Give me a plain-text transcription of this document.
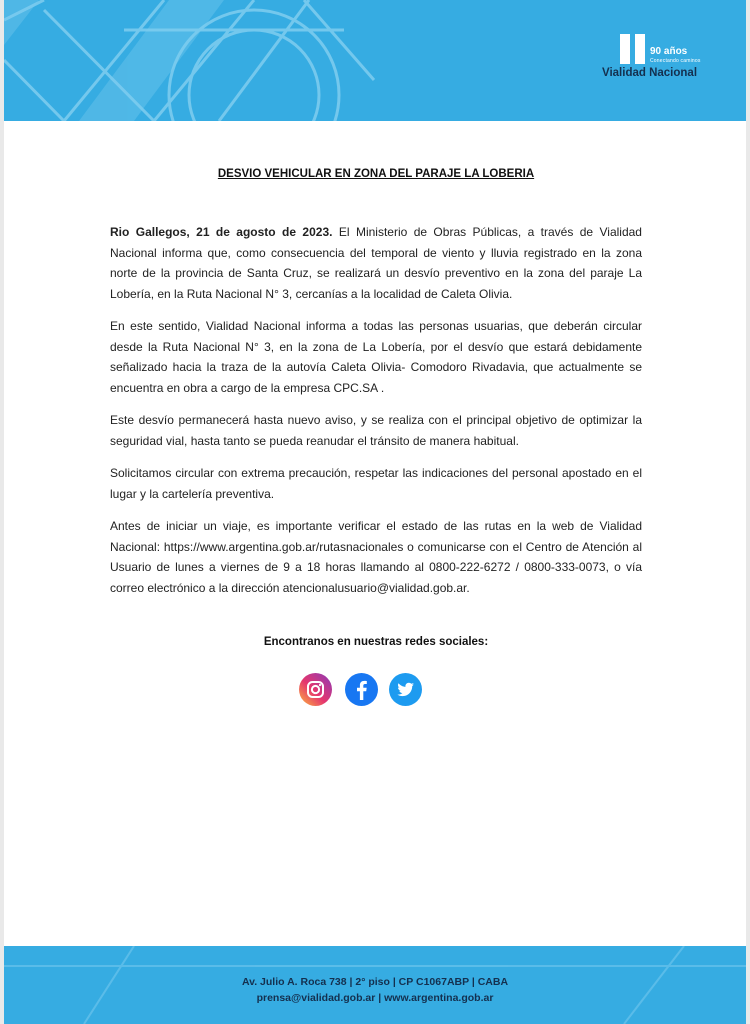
90 años
Conectando caminos
Vialidad Nacional
DESVIO VEHICULAR EN ZONA DEL PARAJE LA LOBERIA

Rio Gallegos, 21 de agosto de 2023. El Ministerio de Obras Públicas, a través de Vialidad Nacional informa que, como consecuencia del temporal de viento y lluvia registrado en la zona norte de la provincia de Santa Cruz, se realizará un desvío preventivo en la zona del paraje La Lobería, en la Ruta Nacional N° 3, cercanías a la localidad de Caleta Olivia.

En este sentido, Vialidad Nacional informa a todas las personas usuarias, que deberán circular desde la Ruta Nacional N° 3, en la zona de La Lobería, por el desvío que estará debidamente señalizado hacia la traza de la autovía Caleta Olivia- Comodoro Rivadavia, que actualmente se encuentra en obra a cargo de la empresa CPC.SA .

Este desvío permanecerá hasta nuevo aviso, y se realiza con el principal objetivo de optimizar la seguridad vial, hasta tanto se pueda reanudar el tránsito de manera habitual.

Solicitamos circular con extrema precaución, respetar las indicaciones del personal apostado en el lugar y la cartelería preventiva.

Antes de iniciar un viaje, es importante verificar el estado de las rutas en la web de Vialidad Nacional: https://www.argentina.gob.ar/rutasnacionales o comunicarse con el Centro de Atención al Usuario de lunes a viernes de 9 a 18 horas llamando al 0800-222-6272 / 0800-333-0073, o vía correo electrónico a la dirección atencionalusuario@vialidad.gob.ar.

Encontranos en nuestras redes sociales:
Av. Julio A. Roca 738 | 2° piso | CP C1067ABP | CABA
prensa@vialidad.gob.ar | www.argentina.gob.ar
